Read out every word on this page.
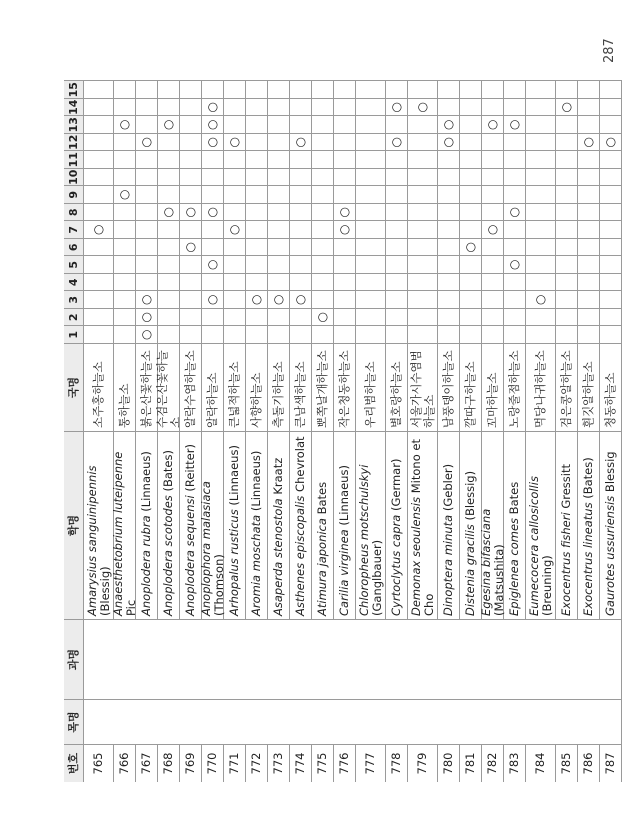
번호
목명
과명
학명
국명
1
2
3
4
5
6
7
8
9
10
11
12
13
14
15
765
Amarysius sanguinipennis (Blessig)
소주홍하늘소
○
766
Anaesthetobrium luteipenne Pic
통하늘소
○
○
767
Anoplodera rubra (Linnaeus)
붉은산꽃하늘소
○
○
○
○
768
Anoplodera scotodes (Bates)
수검은산꽃하늘소
○
○
769
Anoplodera sequensi (Reitter)
알락수염하늘소
○
○
770
Anoplophora malasiaca (Thomson)
알락하늘소
○
○
○
○
○
○
771
Arhopalus rusticus (Linnaeus)
큰넓적하늘소
○
○
772
Aromia moschata (Linnaeus)
사향하늘소
○
773
Asaperda stenostola Kraatz
측돌기하늘소
○
774
Asthenes episcopalis Chevrolat
큰남색하늘소
○
○
775
Atimura japonica Bates
뽀쪽날개하늘소
○
776
Carilia virginea (Linnaeus)
작은청동하늘소
○
○
777
Chloropheus motschulskyi (Ganglbauer)
우리범하늘소
778
Cyrtoclytus capra (Germar)
별호랑하늘소
○
○
779
Demonax seoulensis Mitono et Cho
서울가시수염범하늘소
○
780
Dinoptera minuta (Gebler)
남풍뎅이하늘소
○
○
781
Distenia gracilis (Blessig)
깔따구하늘소
○
782
Egesina bifasciana (Matsushita)
꼬마하늘소
○
○
783
Epiglenea comes Bates
노랑줄점하늘소
○
○
○
784
Eumecocera callosicollis (Breuning)
먹당나귀하늘소
○
785
Exocentrus fisheri Gressitt
검은콩알하늘소
○
786
Exocentrus lineatus (Bates)
흰깃알하늘소
○
787
Gaurotes ussuriensis Blessig
청동하늘소
○
287
